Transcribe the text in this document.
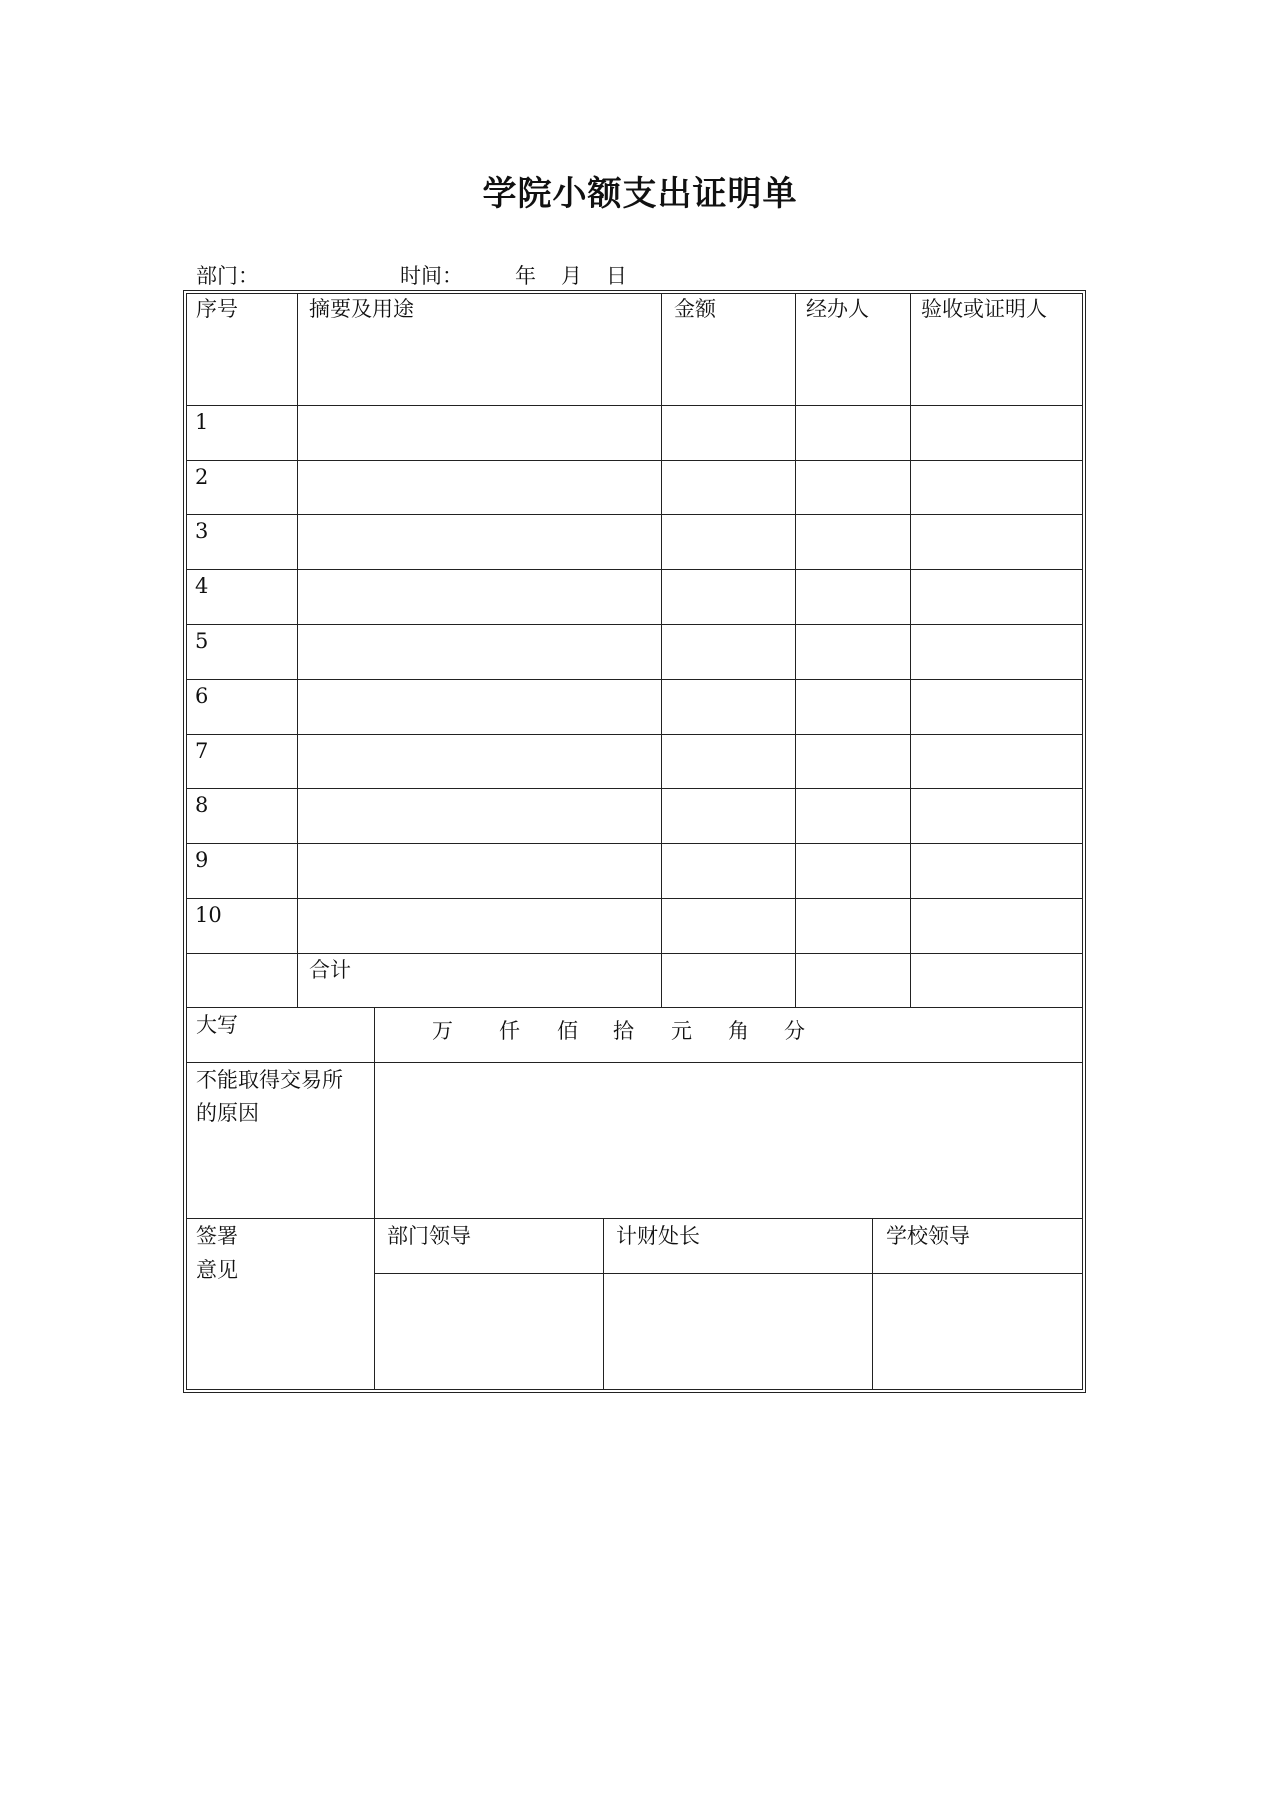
学院小额支出证明单
部门：	时间： 年 月 日
序号	摘要及用途	金额	经办人 验收或证明人
1
2
3
4
5
6
7
8
9
10
合计
大写	万 仟 佰 拾 元 角 分
不能取得交易所
的原因
签署
意见
部门领导	计财处长	学校领导
